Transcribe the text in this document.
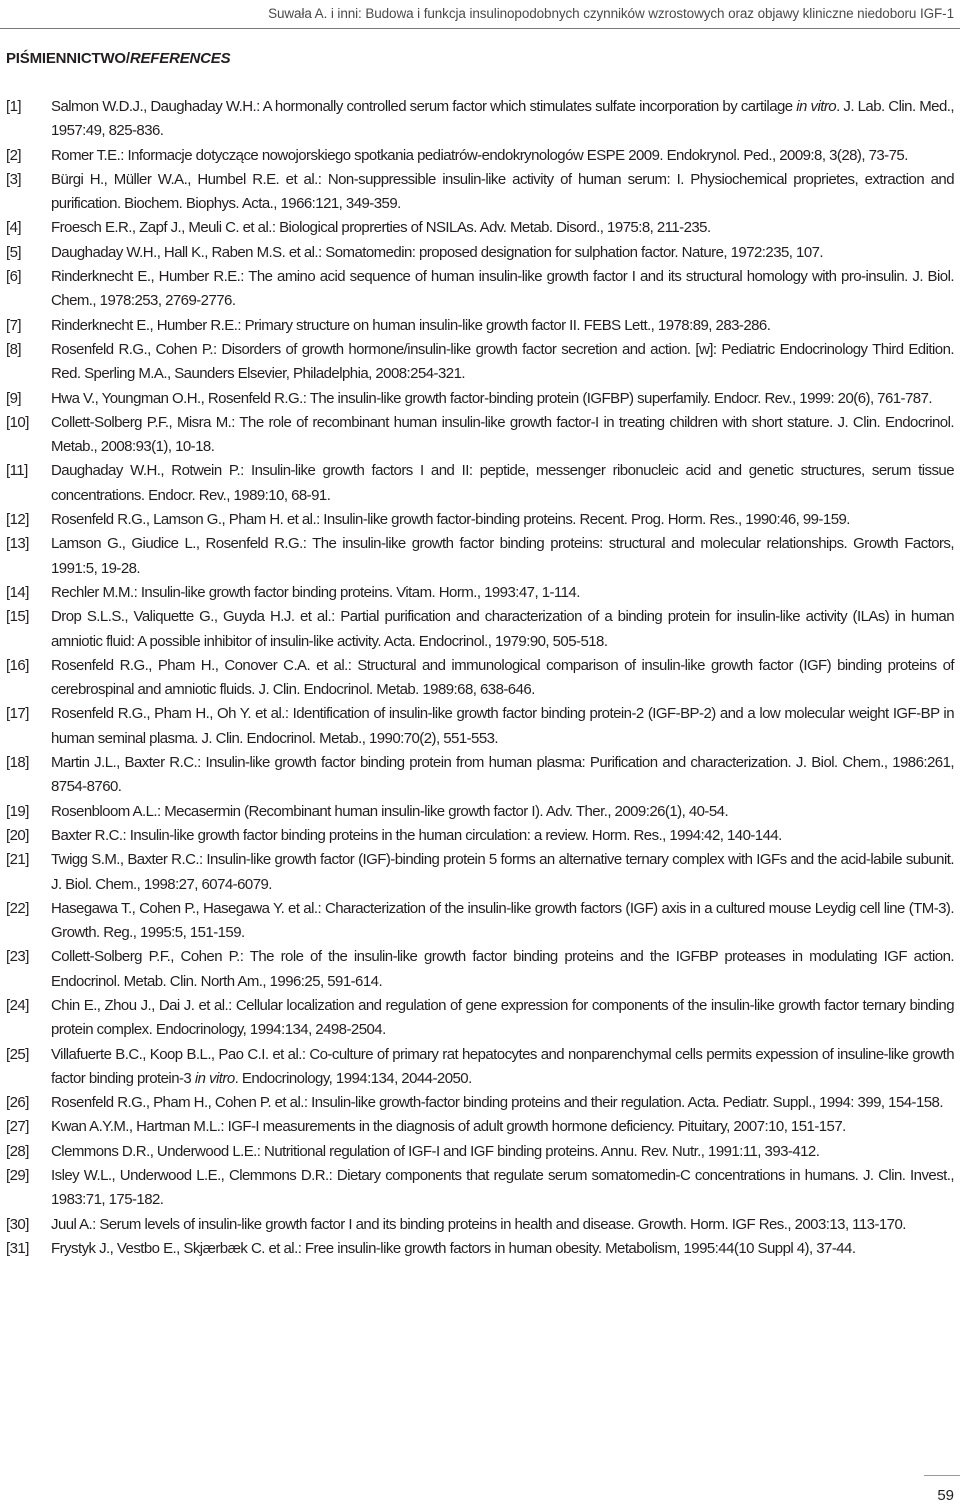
Suwała A. i inni: Budowa i funkcja insulinopodobnych czynników wzrostowych oraz objawy kliniczne niedoboru IGF-1
PIŚMIENNICTWO/REFERENCES
[1] Salmon W.D.J., Daughaday W.H.: A hormonally controlled serum factor which stimulates sulfate incorporation by cartilage in vitro. J. Lab. Clin. Med., 1957:49, 825-836.
[2] Romer T.E.: Informacje dotyczące nowojorskiego spotkania pediatrów-endokrynologów ESPE 2009. Endokrynol. Ped., 2009:8, 3(28), 73-75.
[3] Bürgi H., Müller W.A., Humbel R.E. et al.: Non-suppressible insulin-like activity of human serum: I. Physiochemical proprietes, extraction and purification. Biochem. Biophys. Acta., 1966:121, 349-359.
[4] Froesch E.R., Zapf J., Meuli C. et al.: Biological proprerties of NSILAs. Adv. Metab. Disord., 1975:8, 211-235.
[5] Daughaday W.H., Hall K., Raben M.S. et al.: Somatomedin: proposed designation for sulphation factor. Nature, 1972:235, 107.
[6] Rinderknecht E., Humber R.E.: The amino acid sequence of human insulin-like growth factor I and its structural homology with pro-insulin. J. Biol. Chem., 1978:253, 2769-2776.
[7] Rinderknecht E., Humber R.E.: Primary structure on human insulin-like growth factor II. FEBS Lett., 1978:89, 283-286.
[8] Rosenfeld R.G., Cohen P.: Disorders of growth hormone/insulin-like growth factor secretion and action. [w]: Pediatric Endocrinology Third Edition. Red. Sperling M.A., Saunders Elsevier, Philadelphia, 2008:254-321.
[9] Hwa V., Youngman O.H., Rosenfeld R.G.: The insulin-like growth factor-binding protein (IGFBP) superfamily. Endocr. Rev., 1999: 20(6), 761-787.
[10] Collett-Solberg P.F., Misra M.: The role of recombinant human insulin-like growth factor-I in treating children with short stature. J. Clin. Endocrinol. Metab., 2008:93(1), 10-18.
[11] Daughaday W.H., Rotwein P.: Insulin-like growth factors I and II: peptide, messenger ribonucleic acid and genetic structures, serum tissue concentrations. Endocr. Rev., 1989:10, 68-91.
[12] Rosenfeld R.G., Lamson G., Pham H. et al.: Insulin-like growth factor-binding proteins. Recent. Prog. Horm. Res., 1990:46, 99-159.
[13] Lamson G., Giudice L., Rosenfeld R.G.: The insulin-like growth factor binding proteins: structural and molecular relationships. Growth Factors, 1991:5, 19-28.
[14] Rechler M.M.: Insulin-like growth factor binding proteins. Vitam. Horm., 1993:47, 1-114.
[15] Drop S.L.S., Valiquette G., Guyda H.J. et al.: Partial purification and characterization of a binding protein for insulin-like activity (ILAs) in human amniotic fluid: A possible inhibitor of insulin-like activity. Acta. Endocrinol., 1979:90, 505-518.
[16] Rosenfeld R.G., Pham H., Conover C.A. et al.: Structural and immunological comparison of insulin-like growth factor (IGF) binding proteins of cerebrospinal and amniotic fluids. J. Clin. Endocrinol. Metab. 1989:68, 638-646.
[17] Rosenfeld R.G., Pham H., Oh Y. et al.: Identification of insulin-like growth factor binding protein-2 (IGF-BP-2) and a low molecular weight IGF-BP in human seminal plasma. J. Clin. Endocrinol. Metab., 1990:70(2), 551-553.
[18] Martin J.L., Baxter R.C.: Insulin-like growth factor binding protein from human plasma: Purification and characterization. J. Biol. Chem., 1986:261, 8754-8760.
[19] Rosenbloom A.L.: Mecasermin (Recombinant human insulin-like growth factor I). Adv. Ther., 2009:26(1), 40-54.
[20] Baxter R.C.: Insulin-like growth factor binding proteins in the human circulation: a review. Horm. Res., 1994:42, 140-144.
[21] Twigg S.M., Baxter R.C.: Insulin-like growth factor (IGF)-binding protein 5 forms an alternative ternary complex with IGFs and the acid-labile subunit. J. Biol. Chem., 1998:27, 6074-6079.
[22] Hasegawa T., Cohen P., Hasegawa Y. et al.: Characterization of the insulin-like growth factors (IGF) axis in a cultured mouse Leydig cell line (TM-3). Growth. Reg., 1995:5, 151-159.
[23] Collett-Solberg P.F., Cohen P.: The role of the insulin-like growth factor binding proteins and the IGFBP proteases in modulating IGF action. Endocrinol. Metab. Clin. North Am., 1996:25, 591-614.
[24] Chin E., Zhou J., Dai J. et al.: Cellular localization and regulation of gene expression for components of the insulin-like growth factor ternary binding protein complex. Endocrinology, 1994:134, 2498-2504.
[25] Villafuerte B.C., Koop B.L., Pao C.I. et al.: Co-culture of primary rat hepatocytes and nonparenchymal cells permits expession of insuline-like growth factor binding protein-3 in vitro. Endocrinology, 1994:134, 2044-2050.
[26] Rosenfeld R.G., Pham H., Cohen P. et al.: Insulin-like growth-factor binding proteins and their regulation. Acta. Pediatr. Suppl., 1994: 399, 154-158.
[27] Kwan A.Y.M., Hartman M.L.: IGF-I measurements in the diagnosis of adult growth hormone deficiency. Pituitary, 2007:10, 151-157.
[28] Clemmons D.R., Underwood L.E.: Nutritional regulation of IGF-I and IGF binding proteins. Annu. Rev. Nutr., 1991:11, 393-412.
[29] Isley W.L., Underwood L.E., Clemmons D.R.: Dietary components that regulate serum somatomedin-C concentrations in humans. J. Clin. Invest., 1983:71, 175-182.
[30] Juul A.: Serum levels of insulin-like growth factor I and its binding proteins in health and disease. Growth. Horm. IGF Res., 2003:13, 113-170.
[31] Frystyk J., Vestbo E., Skjærbæk C. et al.: Free insulin-like growth factors in human obesity. Metabolism, 1995:44(10 Suppl 4), 37-44.
59
